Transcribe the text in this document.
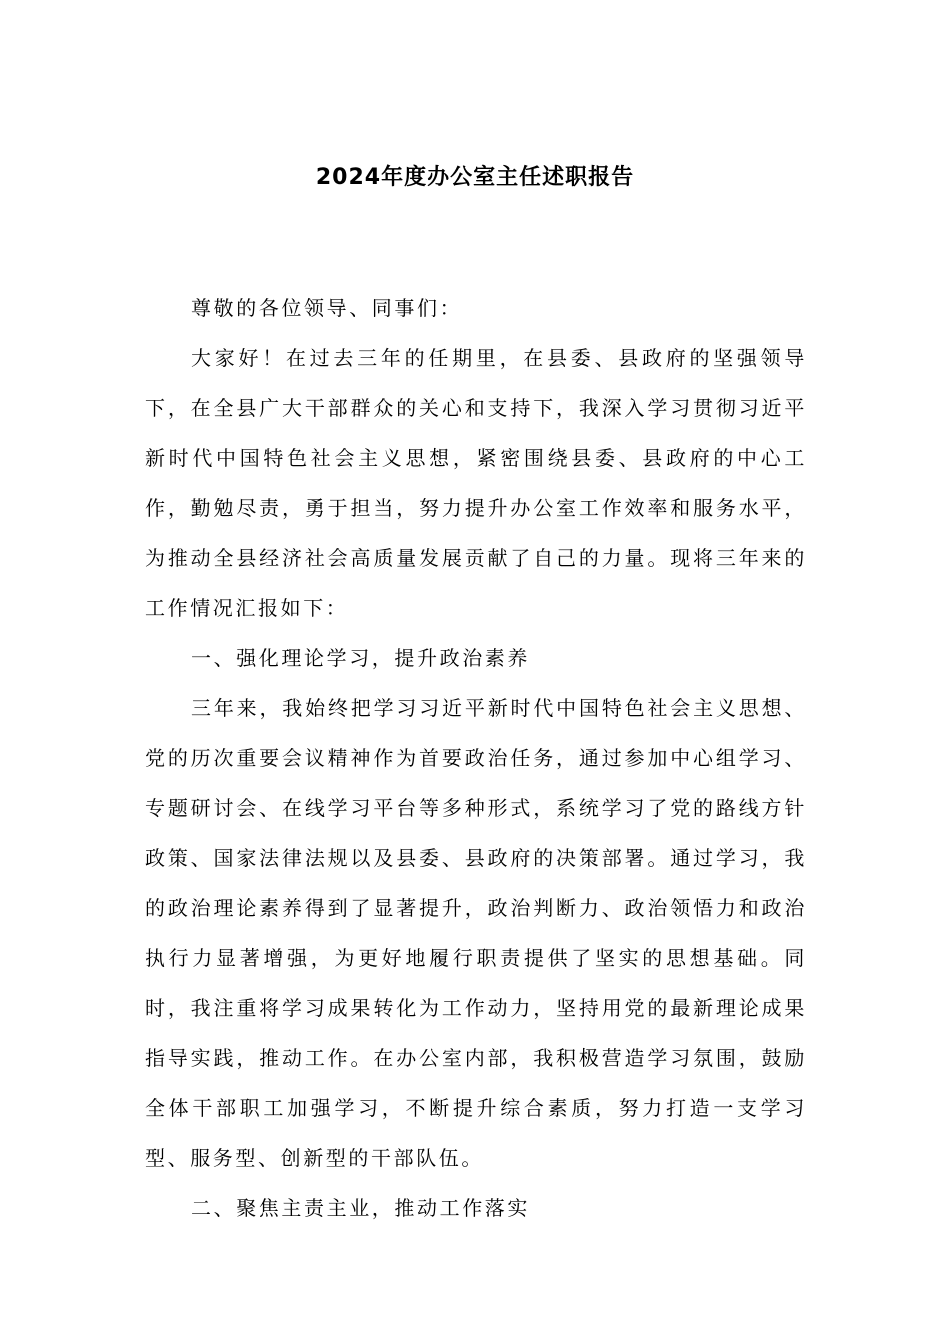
2024年度办公室主任述职报告

尊敬的各位领导、同事们：

大家好！在过去三年的任期里，在县委、县政府的坚强领导下，在全县广大干部群众的关心和支持下，我深入学习贯彻习近平新时代中国特色社会主义思想，紧密围绕县委、县政府的中心工作，勤勉尽责，勇于担当，努力提升办公室工作效率和服务水平，为推动全县经济社会高质量发展贡献了自己的力量。现将三年来的工作情况汇报如下：

一、强化理论学习，提升政治素养

三年来，我始终把学习习近平新时代中国特色社会主义思想、党的历次重要会议精神作为首要政治任务，通过参加中心组学习、专题研讨会、在线学习平台等多种形式，系统学习了党的路线方针政策、国家法律法规以及县委、县政府的决策部署。通过学习，我的政治理论素养得到了显著提升，政治判断力、政治领悟力和政治执行力显著增强，为更好地履行职责提供了坚实的思想基础。同时，我注重将学习成果转化为工作动力，坚持用党的最新理论成果指导实践，推动工作。在办公室内部，我积极营造学习氛围，鼓励全体干部职工加强学习，不断提升综合素质，努力打造一支学习型、服务型、创新型的干部队伍。

二、聚焦主责主业，推动工作落实
